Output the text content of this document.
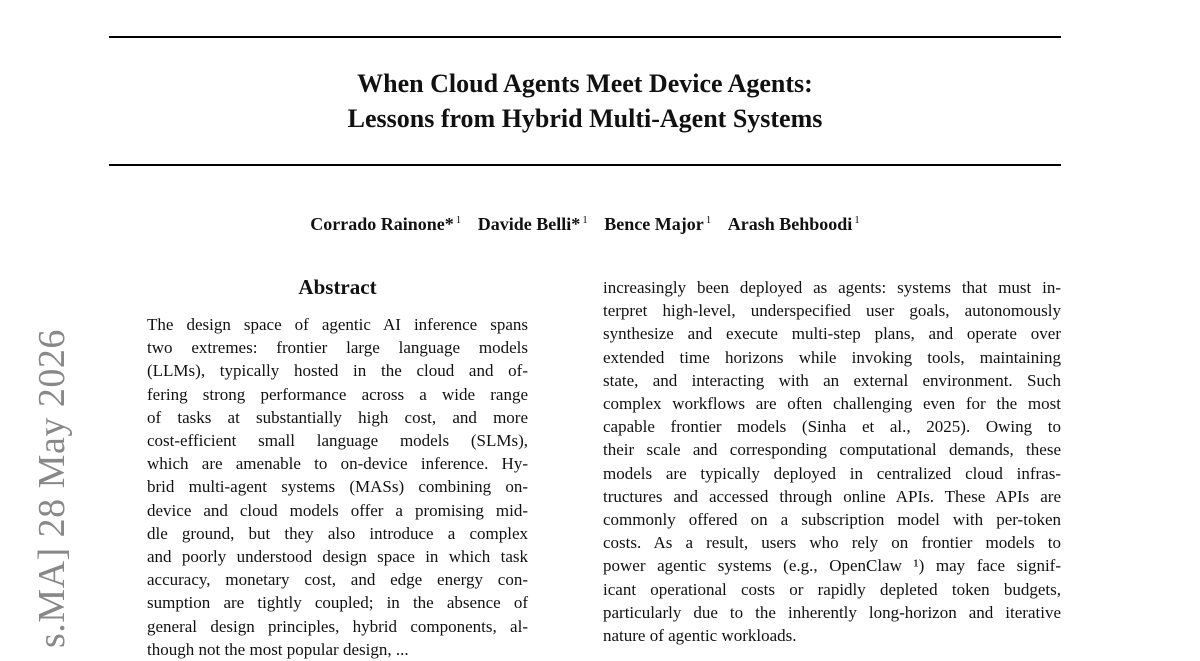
When Cloud Agents Meet Device Agents:
Lessons from Hybrid Multi-Agent Systems
Corrado Rainone* $^1$ Davide Belli* $^1$ Bence Major $^1$ Arash Behboodi $^1$
s.MA] 28 May 2026
Abstract
The design space of agentic AI inference spans
two extremes: frontier large language models
(LLMs), typically hosted in the cloud and of-
fering strong performance across a wide range
of tasks at substantially high cost, and more
cost-efficient small language models (SLMs),
which are amenable to on-device inference. Hy-
brid multi-agent systems (MASs) combining on-
device and cloud models offer a promising mid-
dle ground, but they also introduce a complex
and poorly understood design space in which task
accuracy, monetary cost, and edge energy con-
sumption are tightly coupled; in the absence of
general design principles, hybrid components, al-
though not the most popular design, ...
increasingly been deployed as agents: systems that must in-
terpret high-level, underspecified user goals, autonomously
synthesize and execute multi-step plans, and operate over
extended time horizons while invoking tools, maintaining
state, and interacting with an external environment. Such
complex workflows are often challenging even for the most
capable frontier models (Sinha et al., 2025). Owing to
their scale and corresponding computational demands, these
models are typically deployed in centralized cloud infras-
tructures and accessed through online APIs. These APIs are
commonly offered on a subscription model with per-token
costs. As a result, users who rely on frontier models to
power agentic systems (e.g., OpenClaw ¹) may face signif-
icant operational costs or rapidly depleted token budgets,
particularly due to the inherently long-horizon and iterative
nature of agentic workloads.
